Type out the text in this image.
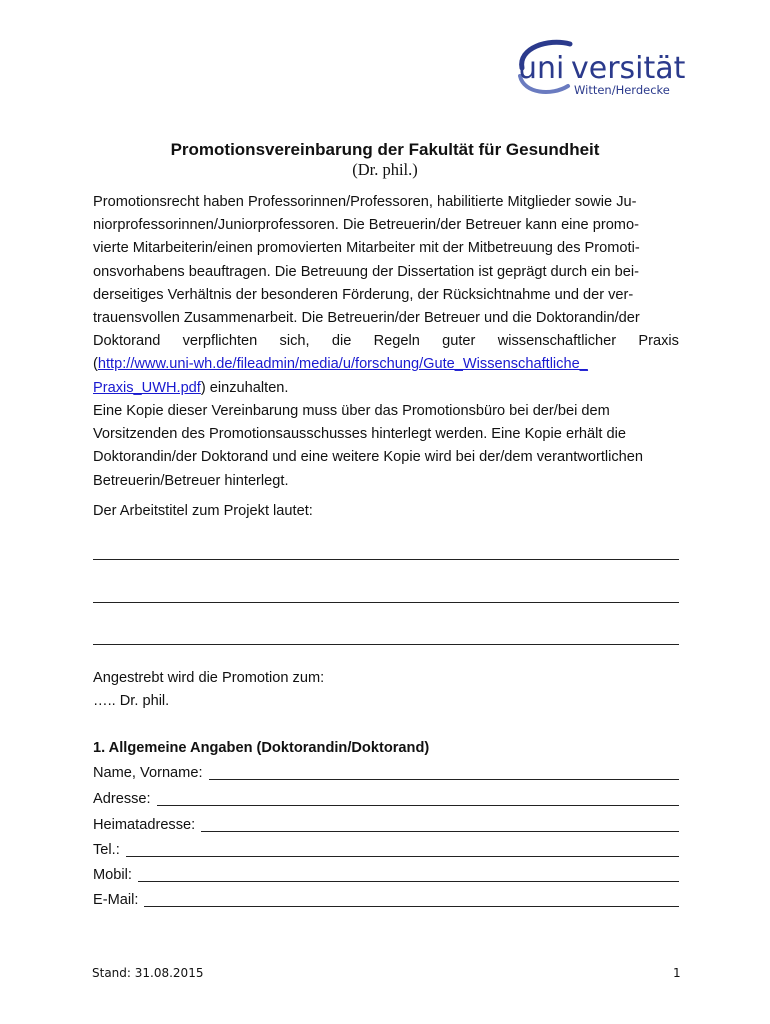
uni versität
Witten/Herdecke
Promotionsvereinbarung der Fakultät für Gesundheit
(Dr. phil.)
Promotionsrecht haben Professorinnen/Professoren, habilitierte Mitglieder sowie Ju-
niorprofessorinnen/Juniorprofessoren. Die Betreuerin/der Betreuer kann eine promo-
vierte Mitarbeiterin/einen promovierten Mitarbeiter mit der Mitbetreuung des Promoti-
onsvorhabens beauftragen. Die Betreuung der Dissertation ist geprägt durch ein bei-
derseitiges Verhältnis der besonderen Förderung, der Rücksichtnahme und der ver-
trauensvollen Zusammenarbeit. Die Betreuerin/der Betreuer und die Doktorandin/der
Doktorand verpflichten sich, die Regeln guter wissenschaftlicher Praxis
(http://www.uni-wh.de/fileadmin/media/u/forschung/Gute_Wissenschaftliche_
Praxis_UWH.pdf) einzuhalten.
Eine Kopie dieser Vereinbarung muss über das Promotionsbüro bei der/bei dem
Vorsitzenden des Promotionsausschusses hinterlegt werden. Eine Kopie erhält die
Doktorandin/der Doktorand und eine weitere Kopie wird bei der/dem verantwortlichen
Betreuerin/Betreuer hinterlegt.
Der Arbeitstitel zum Projekt lautet:
Angestrebt wird die Promotion zum:
….. Dr. phil.
1. Allgemeine Angaben (Doktorandin/Doktorand)
Name, Vorname:
Adresse:
Heimatadresse:
Tel.:
Mobil:
E-Mail:
Stand: 31.08.2015	1
